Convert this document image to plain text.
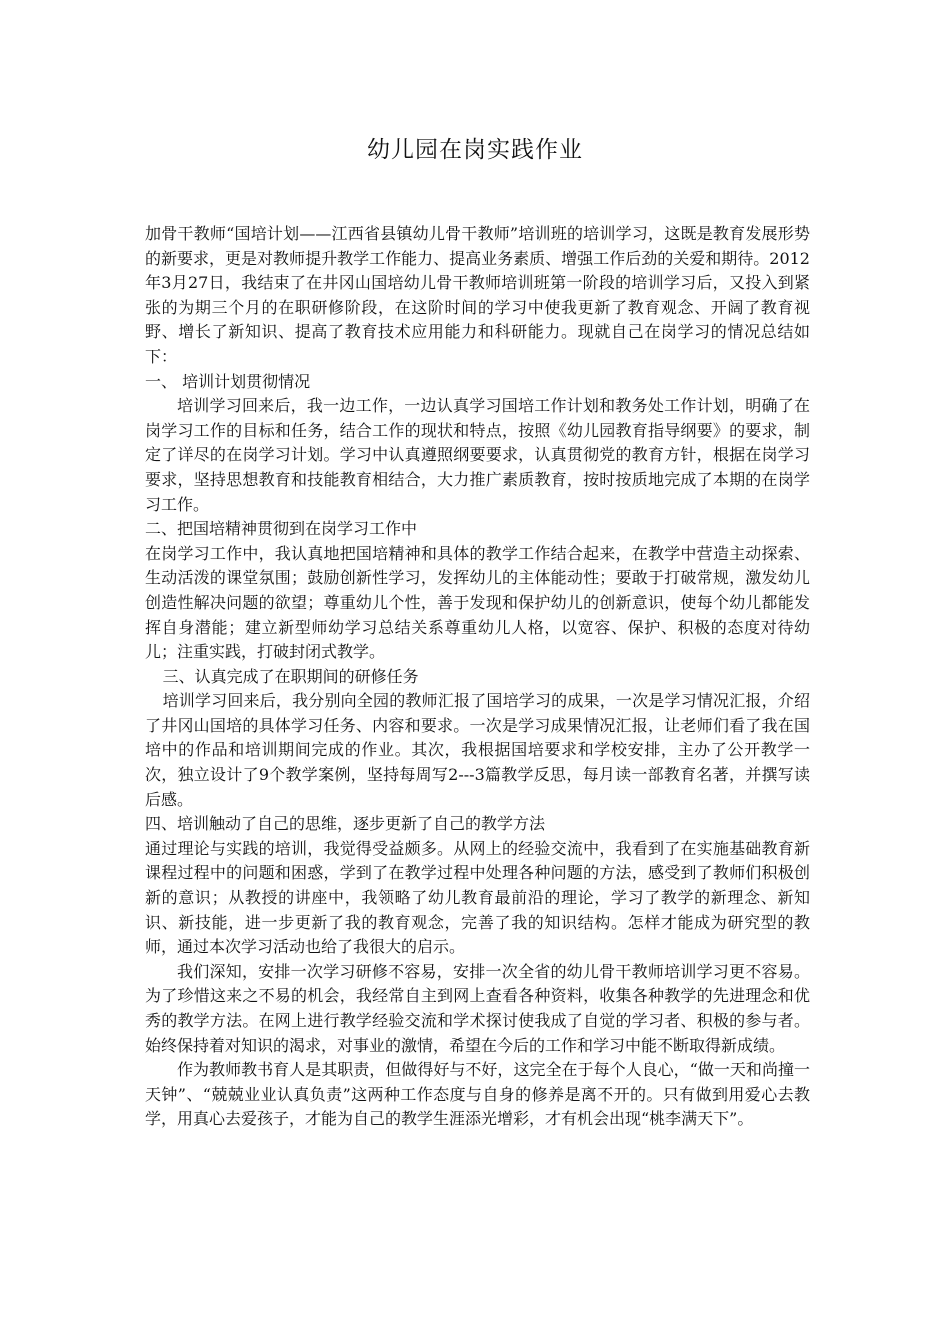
幼儿园在岗实践作业

加骨干教师“国培计划——江西省县镇幼儿骨干教师”培训班的培训学习，这既是教育发展形势的新要求，更是对教师提升教学工作能力、提高业务素质、增强工作后劲的关爱和期待。2012年3月27日，我结束了在井冈山国培幼儿骨干教师培训班第一阶段的培训学习后，又投入到紧张的为期三个月的在职研修阶段，在这阶时间的学习中使我更新了教育观念、开阔了教育视野、增长了新知识、提高了教育技术应用能力和科研能力。现就自己在岗学习的情况总结如下：

一、 培训计划贯彻情况

培训学习回来后，我一边工作，一边认真学习国培工作计划和教务处工作计划，明确了在岗学习工作的目标和任务，结合工作的现状和特点，按照《幼儿园教育指导纲要》的要求，制定了详尽的在岗学习计划。学习中认真遵照纲要要求，认真贯彻党的教育方针，根据在岗学习要求，坚持思想教育和技能教育相结合，大力推广素质教育，按时按质地完成了本期的在岗学习工作。

二、把国培精神贯彻到在岗学习工作中

在岗学习工作中，我认真地把国培精神和具体的教学工作结合起来，在教学中营造主动探索、生动活泼的课堂氛围；鼓励创新性学习，发挥幼儿的主体能动性；要敢于打破常规，激发幼儿创造性解决问题的欲望；尊重幼儿个性，善于发现和保护幼儿的创新意识，使每个幼儿都能发挥自身潜能；建立新型师幼学习总结关系尊重幼儿人格，以宽容、保护、积极的态度对待幼儿；注重实践，打破封闭式教学。

三、认真完成了在职期间的研修任务

培训学习回来后，我分别向全园的教师汇报了国培学习的成果，一次是学习情况汇报，介绍了井冈山国培的具体学习任务、内容和要求。一次是学习成果情况汇报，让老师们看了我在国培中的作品和培训期间完成的作业。其次，我根据国培要求和学校安排，主办了公开教学一次，独立设计了9个教学案例，坚持每周写2---3篇教学反思，每月读一部教育名著，并撰写读后感。

四、培训触动了自己的思维，逐步更新了自己的教学方法

通过理论与实践的培训，我觉得受益颇多。从网上的经验交流中，我看到了在实施基础教育新课程过程中的问题和困惑，学到了在教学过程中处理各种问题的方法，感受到了教师们积极创新的意识；从教授的讲座中，我领略了幼儿教育最前沿的理论，学习了教学的新理念、新知识、新技能，进一步更新了我的教育观念，完善了我的知识结构。怎样才能成为研究型的教师，通过本次学习活动也给了我很大的启示。

我们深知，安排一次学习研修不容易，安排一次全省的幼儿骨干教师培训学习更不容易。为了珍惜这来之不易的机会，我经常自主到网上查看各种资料，收集各种教学的先进理念和优秀的教学方法。在网上进行教学经验交流和学术探讨使我成了自觉的学习者、积极的参与者。始终保持着对知识的渴求，对事业的激情，希望在今后的工作和学习中能不断取得新成绩。

作为教师教书育人是其职责，但做得好与不好，这完全在于每个人良心，“做一天和尚撞一天钟”、“兢兢业业认真负责”这两种工作态度与自身的修养是离不开的。只有做到用爱心去教学，用真心去爱孩子，才能为自己的教学生涯添光增彩，才有机会出现“桃李满天下”。
